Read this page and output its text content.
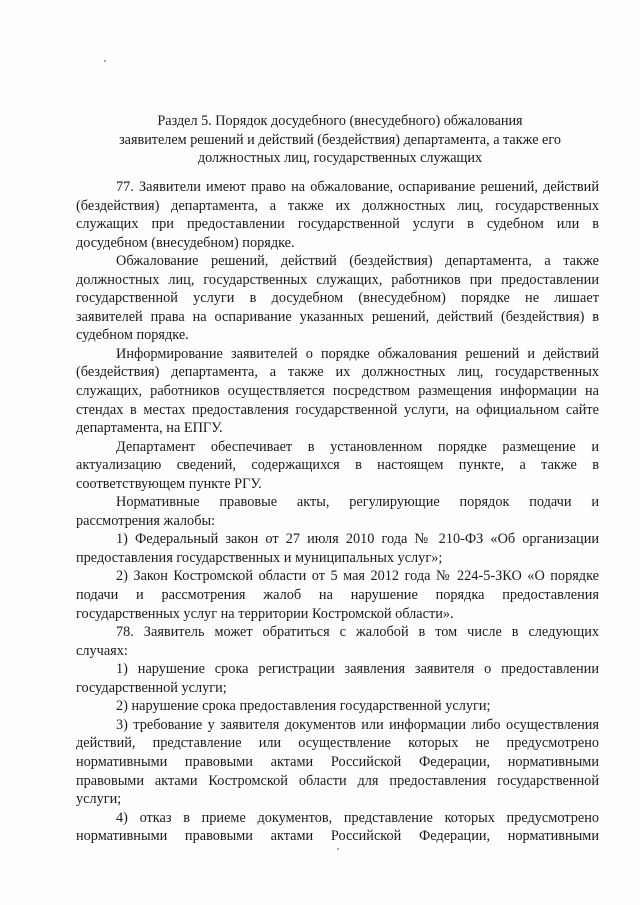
Раздел 5. Порядок досудебного (внесудебного) обжалования
заявителем решений и действий (бездействия) департамента, а также его
должностных лиц, государственных служащих
77. Заявители имеют право на обжалование, оспаривание решений, действий
(бездействия) департамента, а также их должностных лиц, государственных
служащих при предоставлении государственной услуги в судебном или в
досудебном (внесудебном) порядке.
Обжалование решений, действий (бездействия) департамента, а также
должностных лиц, государственных служащих, работников при предоставлении
государственной услуги в досудебном (внесудебном) порядке не лишает
заявителей права на оспаривание указанных решений, действий (бездействия) в
судебном порядке.
Информирование заявителей о порядке обжалования решений и действий
(бездействия) департамента, а также их должностных лиц, государственных
служащих, работников осуществляется посредством размещения информации на
стендах в местах предоставления государственной услуги, на официальном сайте
департамента, на ЕПГУ.
Департамент обеспечивает в установленном порядке размещение и
актуализацию сведений, содержащихся в настоящем пункте, а также в
соответствующем пункте РГУ.
Нормативные правовые акты, регулирующие порядок подачи и
рассмотрения жалобы:
1) Федеральный закон от 27 июля 2010 года № 210-ФЗ «Об организации
предоставления государственных и муниципальных услуг»;
2) Закон Костромской области от 5 мая 2012 года № 224-5-ЗКО «О порядке
подачи и рассмотрения жалоб на нарушение порядка предоставления
государственных услуг на территории Костромской области».
78. Заявитель может обратиться с жалобой в том числе в следующих
случаях:
1) нарушение срока регистрации заявления заявителя о предоставлении
государственной услуги;
2) нарушение срока предоставления государственной услуги;
3) требование у заявителя документов или информации либо осуществления
действий, представление или осуществление которых не предусмотрено
нормативными правовыми актами Российской Федерации, нормативными
правовыми актами Костромской области для предоставления государственной
услуги;
4) отказ в приеме документов, представление которых предусмотрено
нормативными правовыми актами Российской Федерации, нормативными
